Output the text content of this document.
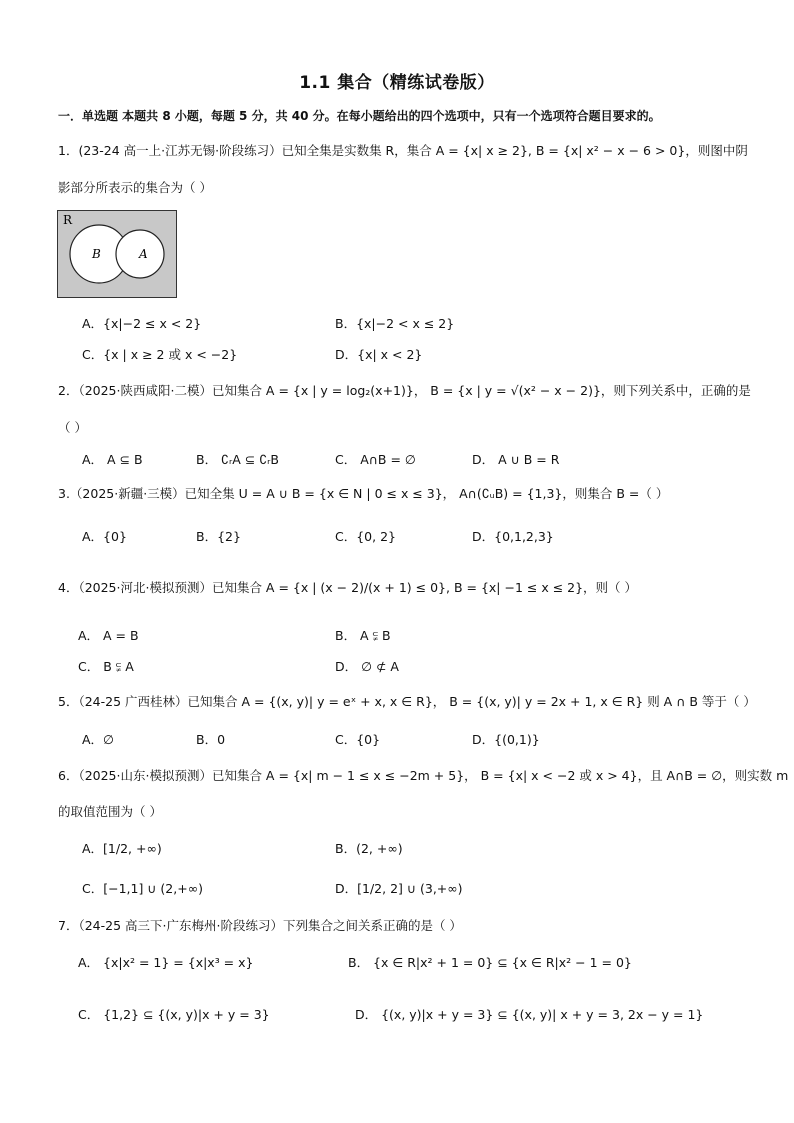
1.1 集合（精练试卷版）
一．单选题 本题共 8 小题，每题 5 分，共 40 分。在每小题给出的四个选项中，只有一个选项符合题目要求的。
1．(23-24 高一上·江苏无锡·阶段练习）已知全集是实数集 R，集合 A = {x| x ≥ 2}, B = {x| x² − x − 6 > 0}，则图中阴
影部分所表示的集合为（ ）
R
B	A
A．{x|−2 ≤ x < 2}	B．{x|−2 < x ≤ 2}
C．{x | x ≥ 2 或 x < −2}	D．{x| x < 2}
2．（2025·陕西咸阳·二模）已知集合 A = {x | y = log₂(x+1)}， B = {x | y = √(x² − x − 2)}，则下列关系中，正确的是
（ ）
A． A ⊆ B	B． ∁ᵣA ⊆ ∁ᵣB	C． A∩B = ∅	D． A ∪ B = R
3.（2025·新疆·三模）已知全集 U = A ∪ B = {x ∈ N | 0 ≤ x ≤ 3}， A∩(∁ᵤB) = {1,3}，则集合 B =（ ）
A．{0}	B．{2}	C．{0, 2}	D．{0,1,2,3}
4．（2025·河北·模拟预测）已知集合 A = {x | (x − 2)/(x + 1) ≤ 0}, B = {x| −1 ≤ x ≤ 2}，则（ ）
A． A = B	B． A ⫋ B
C． B ⫋ A	D． ∅ ⊄ A
5．（24-25 广西桂林）已知集合 A = {(x, y)| y = eˣ + x, x ∈ R}， B = {(x, y)| y = 2x + 1, x ∈ R} 则 A ∩ B 等于（ ）
A．∅	B．0	C．{0}	D．{(0,1)}
6．（2025·山东·模拟预测）已知集合 A = {x| m − 1 ≤ x ≤ −2m + 5}， B = {x| x < −2 或 x > 4}，且 A∩B = ∅，则实数 m
的取值范围为（ ）
A．[1/2, +∞)	B．(2, +∞)
C．[−1,1] ∪ (2,+∞)	D．[1/2, 2] ∪ (3,+∞)
7．（24-25 高三下·广东梅州·阶段练习）下列集合之间关系正确的是（ ）
A． {x|x² = 1} = {x|x³ = x}	B． {x ∈ R|x² + 1 = 0} ⊆ {x ∈ R|x² − 1 = 0}
C． {1,2} ⊆ {(x, y)|x + y = 3}	D． {(x, y)|x + y = 3} ⊆ {(x, y)| x + y = 3, 2x − y = 1}
